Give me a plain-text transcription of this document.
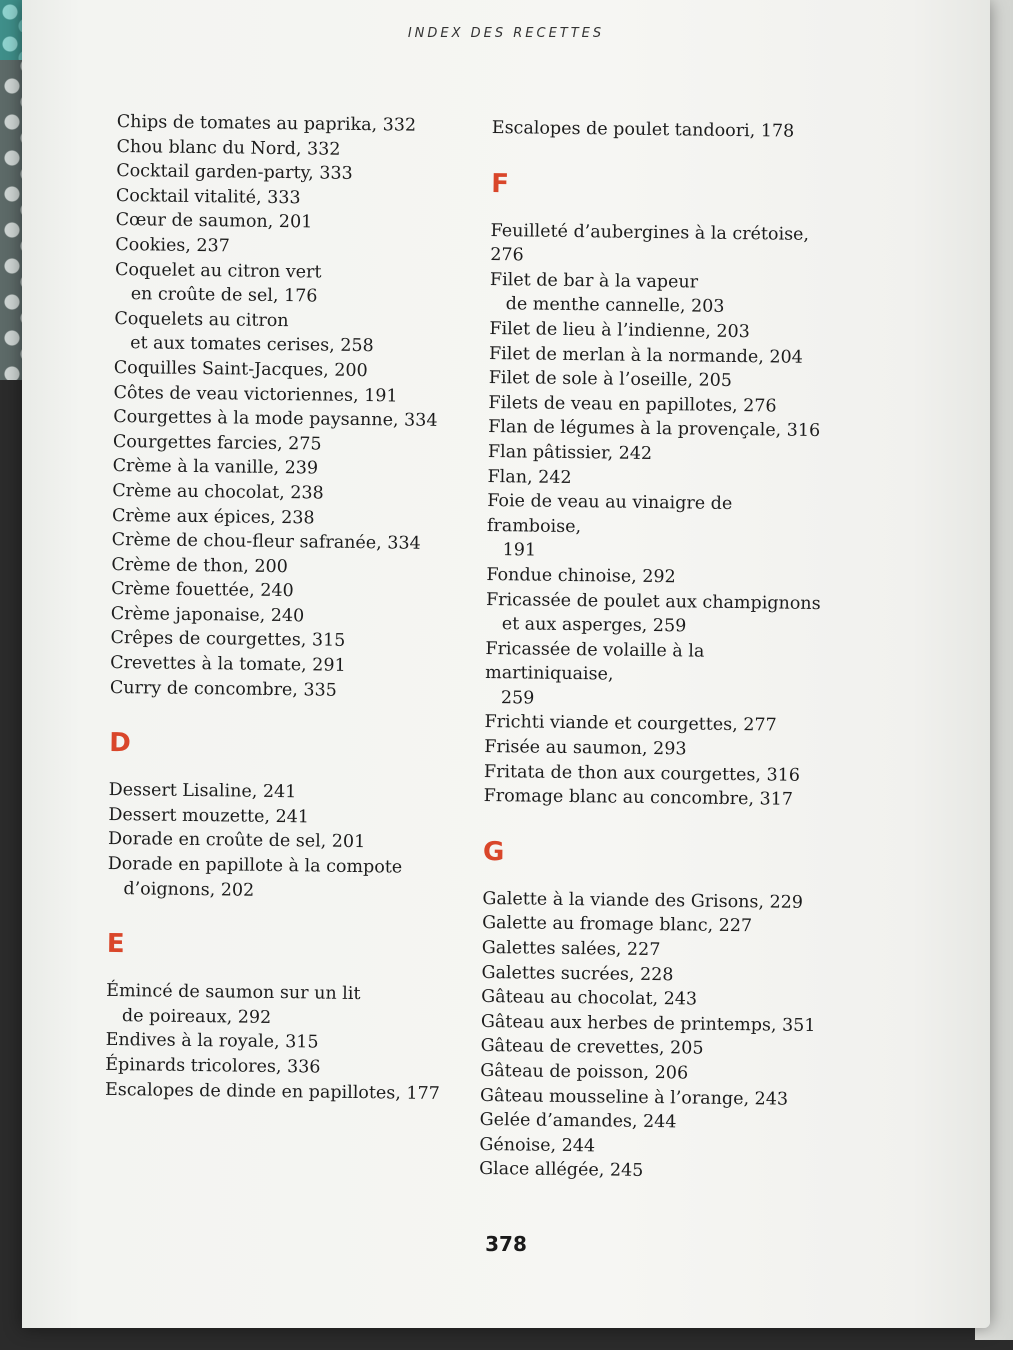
INDEX DES RECETTES

Chips de tomates au paprika, 332

Chou blanc du Nord, 332

Cocktail garden-party, 333

Cocktail vitalité, 333

Cœur de saumon, 201

Cookies, 237

Coquelet au citron vert
en croûte de sel, 176

Coquelets au citron
et aux tomates cerises, 258

Coquilles Saint-Jacques, 200

Côtes de veau victoriennes, 191

Courgettes à la mode paysanne, 334

Courgettes farcies, 275

Crème à la vanille, 239

Crème au chocolat, 238

Crème aux épices, 238

Crème de chou-fleur safranée, 334

Crème de thon, 200

Crème fouettée, 240

Crème japonaise, 240

Crêpes de courgettes, 315

Crevettes à la tomate, 291

Curry de concombre, 335

D

Dessert Lisaline, 241

Dessert mouzette, 241

Dorade en croûte de sel, 201

Dorade en papillote à la compote
d’oignons, 202

E

Émincé de saumon sur un lit
de poireaux, 292

Endives à la royale, 315

Épinards tricolores, 336

Escalopes de dinde en papillotes, 177

Escalopes de poulet tandoori, 178

F

Feuilleté d’aubergines à la crétoise, 276

Filet de bar à la vapeur
de menthe cannelle, 203

Filet de lieu à l’indienne, 203

Filet de merlan à la normande, 204

Filet de sole à l’oseille, 205

Filets de veau en papillotes, 276

Flan de légumes à la provençale, 316

Flan pâtissier, 242

Flan, 242

Foie de veau au vinaigre de framboise,
191

Fondue chinoise, 292

Fricassée de poulet aux champignons
et aux asperges, 259

Fricassée de volaille à la martiniquaise,
259

Frichti viande et courgettes, 277

Frisée au saumon, 293

Fritata de thon aux courgettes, 316

Fromage blanc au concombre, 317

G

Galette à la viande des Grisons, 229

Galette au fromage blanc, 227

Galettes salées, 227

Galettes sucrées, 228

Gâteau au chocolat, 243

Gâteau aux herbes de printemps, 351

Gâteau de crevettes, 205

Gâteau de poisson, 206

Gâteau mousseline à l’orange, 243

Gelée d’amandes, 244

Génoise, 244

Glace allégée, 245

378
